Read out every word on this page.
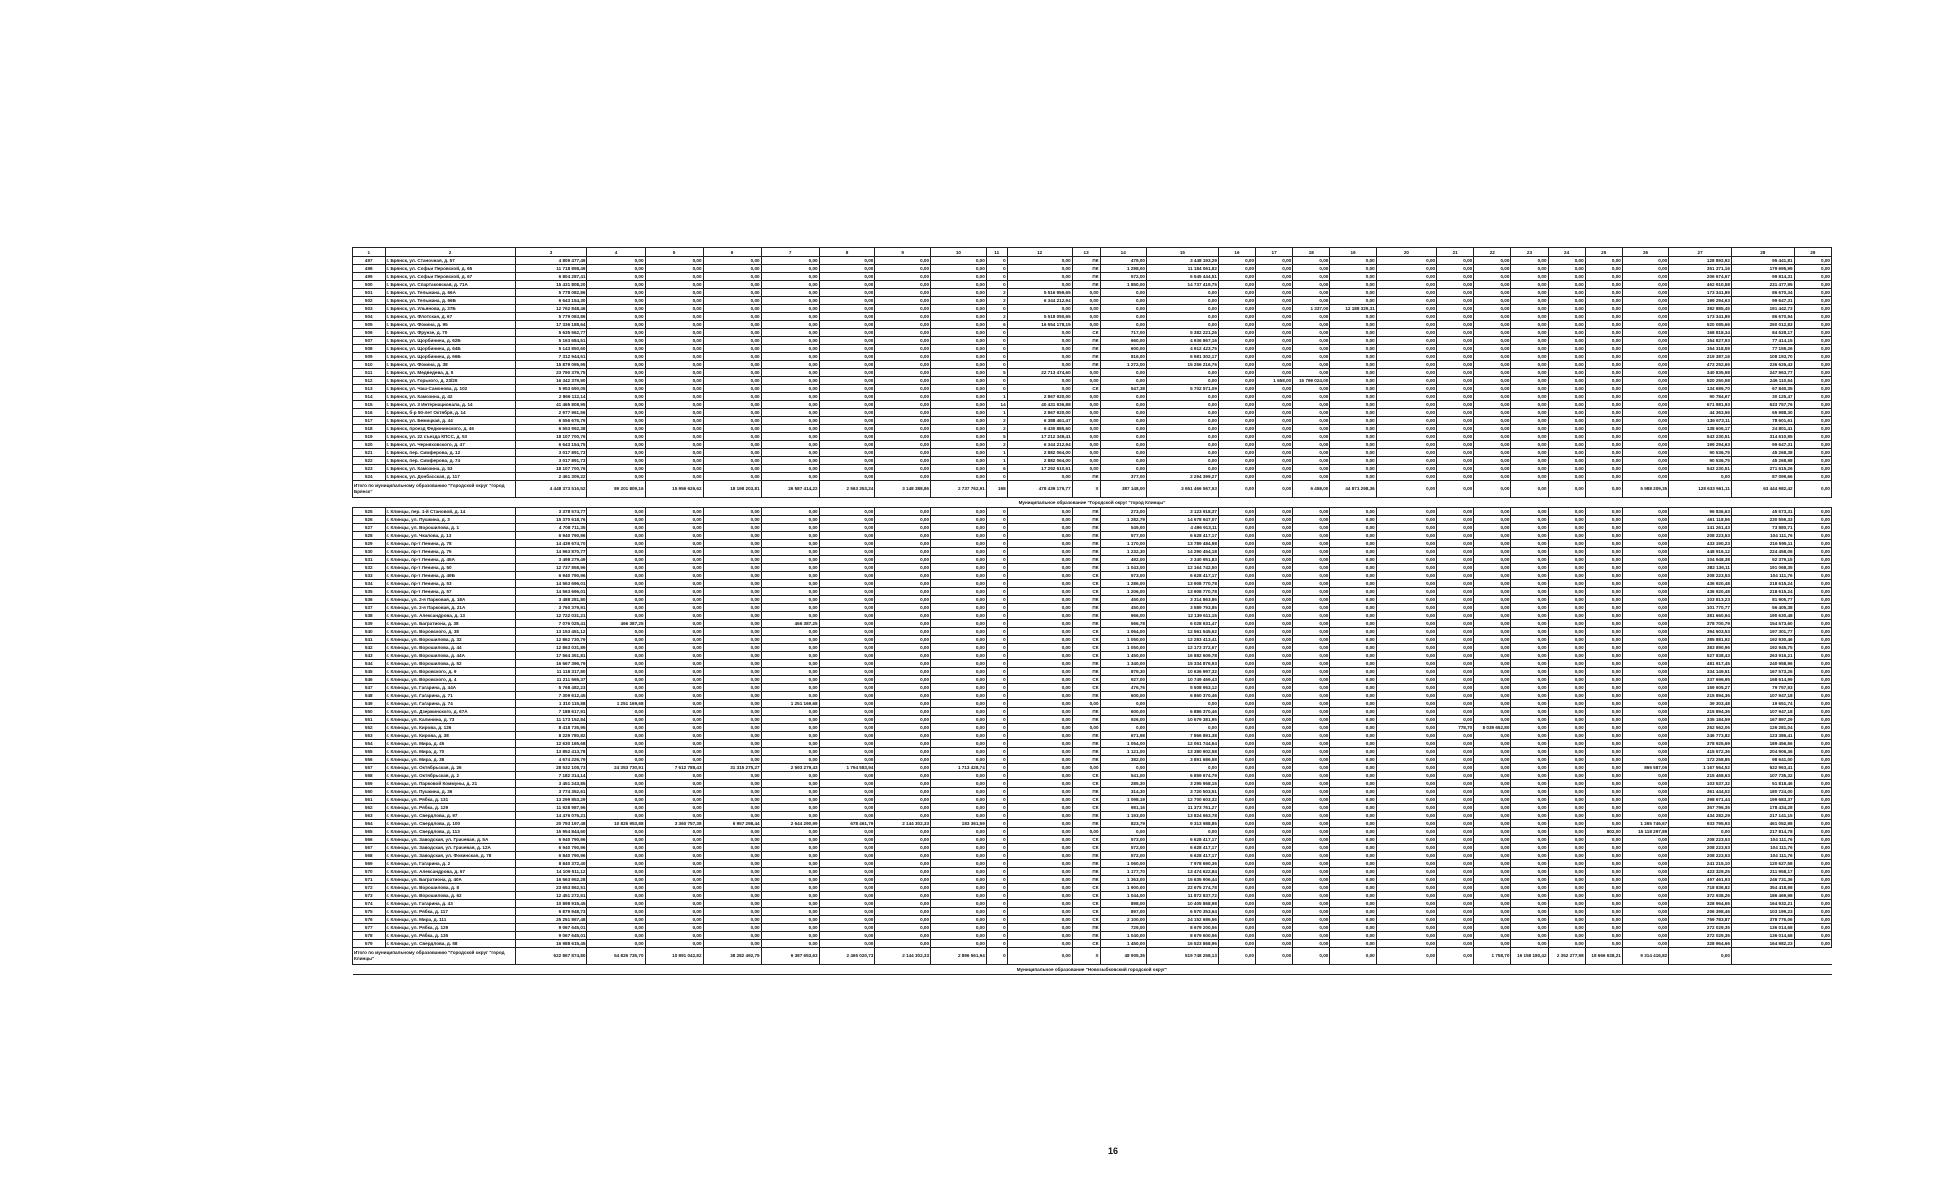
1	2	3	4	5	6	7	8	9	10	11	12	13	14	15	16	17	18	19	20	21	22	23	24	25	26	27	28	29
497	г. Брянск, ул. Станочная, д. 57	4 809 477,49	0,00	0,00	0,00	0,00	0,00	0,00	0,00	0	0,00	ПК	479,00	3 448 193,29	0,00	0,00	0,00	0,00	0,00	0,00	0,00	0,00	0,00	0,00	0,00	128 892,92	95 441,81	0,00
498	г. Брянск, ул. Софьи Перовской, д. 65	11 718 898,49	0,00	0,00	0,00	0,00	0,00	0,00	0,00	0	0,00	ПК	1 298,00	11 184 061,82	0,00	0,00	0,00	0,00	0,00	0,00	0,00	0,00	0,00	0,00	0,00	351 371,16	179 695,99	0,00
499	г. Брянск, ул. Софьи Перовской, д. 67	6 804 287,41	0,00	0,00	0,00	0,00	0,00	0,00	0,00	0	0,00	ПК	572,00	6 545 444,51	0,00	0,00	0,00	0,00	0,00	0,00	0,00	0,00	0,00	0,00	0,00	206 674,67	99 814,31	0,00
500	г. Брянск, ул. Спартаковская, д. 71А	15 431 808,20	0,00	0,00	0,00	0,00	0,00	0,00	0,00	0	0,00	ПК	1 850,00	14 737 419,75	0,00	0,00	0,00	0,00	0,00	0,00	0,00	0,00	0,00	0,00	0,00	462 910,58	231 477,95	0,00
501	г. Брянск, ул. Тельмана, д. 66А	5 778 082,86	0,00	0,00	0,00	0,00	0,00	0,00	0,00	2	5 516 959,65	0,00	0,00	0,00	0,00	0,00	0,00	0,00	0,00	0,00	0,00	0,00	0,00	0,00	0,00	173 341,89	86 670,34	0,00
502	г. Брянск, ул. Тельмана, д. 66Б	6 643 154,30	0,00	0,00	0,00	0,00	0,00	0,00	0,00	2	6 344 212,94	0,00	0,00	0,00	0,00	0,00	0,00	0,00	0,00	0,00	0,00	0,00	0,00	0,00	0,00	199 294,63	99 647,31	0,00
503	г. Брянск, ул. Ульянова, д. 37Б	12 762 848,46	0,00	0,00	0,00	0,00	0,00	0,00	0,00	0	0,00	0,00	0,00	0,00	0,00	0,00	1 337,00	12 188 329,31	0,00	0,00	0,00	0,00	0,00	0,00	0,00	382 885,45	191 442,73	0,00
504	г. Брянск, ул. Флотская, д. 67	5 779 083,86	0,00	0,00	0,00	0,00	0,00	0,00	0,00	2	5 518 050,65	0,00	0,00	0,00	0,00	0,00	0,00	0,00	0,00	0,00	0,00	0,00	0,00	0,00	0,00	173 341,89	86 670,94	0,00
505	г. Брянск, ул. Фокина, д. 95	17 336 188,64	0,00	0,00	0,00	0,00	0,00	0,00	0,00	6	16 554 178,15	0,00	0,00	0,00	0,00	0,00	0,00	0,00	0,00	0,00	0,00	0,00	0,00	0,00	0,00	520 085,66	260 012,83	0,00
506	г. Брянск, ул. Фрунзе, д. 70	5 635 562,77	0,00	0,00	0,00	0,00	0,00	0,00	0,00	0	0,00	СК	717,00	5 382 221,26	0,00	0,00	0,00	0,00	0,00	0,00	0,00	0,00	0,00	0,00	0,00	168 818,34	84 528,17	0,00
507	г. Брянск, ул. Щорбинина, д. 62Б	5 163 684,51	0,00	0,00	0,00	0,00	0,00	0,00	0,00	0	0,00	ПК	660,00	4 936 867,16	0,00	0,00	0,00	0,00	0,00	0,00	0,00	0,00	0,00	0,00	0,00	154 827,93	77 414,15	0,00
508	г. Брянск, ул. Щорбинина, д. 64Б	5 143 850,60	0,00	0,00	0,00	0,00	0,00	0,00	0,00	0	0,00	ПК	600,00	4 912 423,75	0,00	0,00	0,00	0,00	0,00	0,00	0,00	0,00	0,00	0,00	0,00	154 318,59	77 159,26	0,00
509	г. Брянск, ул. Щорбинина, д. 66Б	7 312 944,51	0,00	0,00	0,00	0,00	0,00	0,00	0,00	0	0,00	ПК	816,00	6 981 302,17	0,00	0,00	0,00	0,00	0,00	0,00	0,00	0,00	0,00	0,00	0,00	219 387,16	108 193,70	0,00
510	г. Брянск, ул. Фокина, д. 38	15 879 095,95	0,00	0,00	0,00	0,00	0,00	0,00	0,00	0	0,00	ПК	1 272,00	15 256 216,76	0,00	0,00	0,00	0,00	0,00	0,00	0,00	0,00	0,00	0,00	0,00	473 252,65	236 626,43	0,00
511	г. Брянск, ул. Медведева, д. 5	23 790 379,75	0,00	0,00	0,00	0,00	0,00	0,00	0,00	5	22 713 474,60	0,00	0,00	0,00	0,00	0,00	0,00	0,00	0,00	0,00	0,00	0,00	0,00	0,00	0,00	340 835,98	247 963,77	0,00
512	г. Брянск, ул. Горького, д. 23/26	16 342 379,90	0,00	0,00	0,00	0,00	0,00	0,00	0,00	0	0,00	0,00	0,00	0,00	0,00	1 658,00	15 798 024,00	0,00	0,00	0,00	0,00	0,00	0,00	0,00	0,00	520 250,58	246 110,64	0,00
513	г. Брянск, ул. Чаш-Самонова, д. 102	5 953 690,05	0,00	0,00	0,00	0,00	0,00	0,00	0,00	0	0,00	СК	547,38	5 702 571,09	0,00	0,00	0,00	0,00	0,00	0,00	0,00	0,00	0,00	0,00	0,00	134 689,70	67 840,35	0,00
514	г. Брянск, ул. Камозина, д. 42	2 866 112,14	0,00	0,00	0,00	0,00	0,00	0,00	0,00	1	2 867 920,00	0,00	0,00	0,00	0,00	0,00	0,00	0,00	0,00	0,00	0,00	0,00	0,00	0,00	0,00	90 784,67	30 125,47	0,00
515	г. Брянск, ул. 3 Интернационала, д. 14	41 465 808,95	0,00	0,00	0,00	0,00	0,00	0,00	0,00	14	40 431 936,88	0,00	0,00	0,00	0,00	0,00	0,00	0,00	0,00	0,00	0,00	0,00	0,00	0,00	0,00	671 981,93	633 757,76	0,00
516	г. Брянск, б-р 50-лет Октября, д. 14	2 977 961,56	0,00	0,00	0,00	0,00	0,00	0,00	0,00	1	2 867 920,00	0,00	0,00	0,00	0,00	0,00	0,00	0,00	0,00	0,00	0,00	0,00	0,00	0,00	0,00	44 363,56	65 988,30	0,00
517	г. Брянск, ул. Бежицкая, д. 44	6 556 676,79	0,00	0,00	0,00	0,00	0,00	0,00	0,00	2	6 388 461,47	0,00	0,00	0,00	0,00	0,00	0,00	0,00	0,00	0,00	0,00	0,00	0,00	0,00	0,00	136 673,11	78 601,61	0,00
518	г. Брянск, проезд Федюнинского, д. 46	6 553 992,38	0,00	0,00	0,00	0,00	0,00	0,00	0,00	2	6 430 885,60	0,00	0,00	0,00	0,00	0,00	0,00	0,00	0,00	0,00	0,00	0,00	0,00	0,00	0,00	138 606,17	24 801,41	0,00
519	г. Брянск, ул. 22 съезда КПСС, д. 53	18 107 700,76	0,00	0,00	0,00	0,00	0,00	0,00	0,00	5	17 212 349,41	0,00	0,00	0,00	0,00	0,00	0,00	0,00	0,00	0,00	0,00	0,00	0,00	0,00	0,00	543 230,51	314 610,95	0,00
520	г. Брянск, ул. Черняховского, д. 47	6 643 154,75	0,00	0,00	0,00	0,00	0,00	0,00	0,00	2	6 344 212,94	0,00	0,00	0,00	0,00	0,00	0,00	0,00	0,00	0,00	0,00	0,00	0,00	0,00	0,00	199 294,63	99 647,31	0,00
521	г. Брянск, пер. Симферова, д. 12	3 017 891,73	0,00	0,00	0,00	0,00	0,00	0,00	0,00	1	2 882 064,00	0,00	0,00	0,00	0,00	0,00	0,00	0,00	0,00	0,00	0,00	0,00	0,00	0,00	0,00	90 536,75	45 268,38	0,00
522	г. Брянск, пер. Симферова, д. 74	3 017 891,73	0,00	0,00	0,00	0,00	0,00	0,00	0,00	1	2 882 064,00	0,00	0,00	0,00	0,00	0,00	0,00	0,00	0,00	0,00	0,00	0,00	0,00	0,00	0,00	90 536,75	45 268,98	0,00
523	г. Брянск, ул. Камозина, д. 53	18 107 700,76	0,00	0,00	0,00	0,00	0,00	0,00	0,00	6	17 292 510,61	0,00	0,00	0,00	0,00	0,00	0,00	0,00	0,00	0,00	0,00	0,00	0,00	0,00	0,00	543 230,51	271 615,26	0,00
524	г. Брянск, ул. Донбасская, д. 117	2 461 309,22	0,00	0,00	0,00	0,00	0,00	0,00	0,00	0	0,00	ПК	377,00	2 294 399,27	0,00	0,00	0,00	0,00	0,00	0,00	0,00	0,00	0,00	0,00	0,00	0,00	87 099,66	0,00
Итого по муниципальному образованию "Городской округ "город Брянск"		4 448 373 516,52	89 201 809,16	15 956 626,62	18 198 203,81	26 587 414,22	2 563 353,24	3 148 388,86	2 737 762,91	198	478 439 179,77	Х	387 148,00	3 651 466 567,53	0,00	0,00	6 458,00	44 871 298,36	0,00	0,00	0,00	0,00	0,00	0,00	5 988 209,35	128 633 961,11	63 444 982,42	0,00
Муниципальное образование "Городской округ "город Клинцы"																												
525	г. Клинцы, пер. 1-й Становой, д. 14	3 378 574,77	0,00	0,00	0,00	0,00	0,00	0,00	0,00	0	0,00	ПК	273,00	3 123 918,37	0,00	0,00	0,00	0,00	0,00	0,00	0,00	0,00	0,00	0,00	0,00	96 836,63	45 573,31	0,00
526	г. Клинцы, ул. Пушкина, д. 3	15 370 618,76	0,00	0,00	0,00	0,00	0,00	0,00	0,00	0	0,00	ПК	1 282,79	14 678 947,07	0,00	0,00	0,00	0,00	0,00	0,00	0,00	0,00	0,00	0,00	0,00	461 118,56	230 559,33	0,00
527	г. Клинцы, ул. Ворошилова, д. 1	4 708 711,35	0,00	0,00	0,00	0,00	0,00	0,00	0,00	0	0,00	ПК	549,00	4 496 913,11	0,00	0,00	0,00	0,00	0,00	0,00	0,00	0,00	0,00	0,00	0,00	141 261,43	73 880,71	0,00
528	г. Клинцы, ул. Чкалова, д. 13	6 940 790,96	0,00	0,00	0,00	0,00	0,00	0,00	0,00	0	0,00	ПК	577,00	6 628 417,17	0,00	0,00	0,00	0,00	0,00	0,00	0,00	0,00	0,00	0,00	0,00	208 223,53	104 111,76	0,00
529	г. Клинцы, пр-т Ленина, д. 78	14 439 674,70	0,00	0,00	0,00	0,00	0,00	0,00	0,00	0	0,00	ПК	1 170,00	13 789 484,98	0,00	0,00	0,00	0,00	0,00	0,00	0,00	0,00	0,00	0,00	0,00	433 190,23	216 595,11	0,00
530	г. Клинцы, пр-т Ленина, д. 76	14 963 870,77	0,00	0,00	0,00	0,00	0,00	0,00	0,00	0	0,00	ПК	1 232,30	14 290 454,18	0,00	0,00	0,00	0,00	0,00	0,00	0,00	0,00	0,00	0,00	0,00	448 916,12	224 458,06	0,00
531	г. Клинцы, пр-т Ленина, д. 45А	3 498 279,49	0,00	0,00	0,00	0,00	0,00	0,00	0,00	0	0,00	ПК	492,00	3 340 951,83	0,00	0,00	0,00	0,00	0,00	0,00	0,00	0,00	0,00	0,00	0,00	104 948,38	52 379,15	0,00
532	г. Клинцы, пр-т Ленина, д. 50	12 737 858,96	0,00	0,00	0,00	0,00	0,00	0,00	0,00	0	0,00	ПК	1 043,00	12 164 742,50	0,00	0,00	0,00	0,00	0,00	0,00	0,00	0,00	0,00	0,00	0,00	382 136,11	191 068,35	0,00
533	г. Клинцы, пр-т Ленина, д. 49Б	6 940 790,96	0,00	0,00	0,00	0,00	0,00	0,00	0,00	0	0,00	СК	573,00	6 628 417,17	0,00	0,00	0,00	0,00	0,00	0,00	0,00	0,00	0,00	0,00	0,00	208 223,53	104 111,76	0,00
534	г. Клинцы, пр-т Ленина, д. 53	14 563 696,01	0,00	0,00	0,00	0,00	0,00	0,00	0,00	0	0,00	СК	1 286,00	13 908 770,78	0,00	0,00	0,00	0,00	0,00	0,00	0,00	0,00	0,00	0,00	0,00	436 920,48	218 615,24	0,00
535	г. Клинцы, пр-т Ленина, д. 57	14 563 696,01	0,00	0,00	0,00	0,00	0,00	0,00	0,00	0	0,00	СК	1 206,00	13 908 770,78	0,00	0,00	0,00	0,00	0,00	0,00	0,00	0,00	0,00	0,00	0,00	436 920,48	218 615,24	0,00
536	г. Клинцы, ул. 2-я Парковая, д. 18А	3 488 281,80	0,00	0,00	0,00	0,00	0,00	0,00	0,00	0	0,00	ПК	450,00	3 314 863,86	0,00	0,00	0,00	0,00	0,00	0,00	0,00	0,00	0,00	0,00	0,00	103 813,23	81 905,77	0,00
537	г. Клинцы, ул. 2-я Парковая, д. 21А	3 760 379,91	0,00	0,00	0,00	0,00	0,00	0,00	0,00	0	0,00	ПК	450,00	3 589 793,85	0,00	0,00	0,00	0,00	0,00	0,00	0,00	0,00	0,00	0,00	0,00	101 770,77	56 405,38	0,00
538	г. Клинцы, ул. Александрова, д. 13	12 722 031,21	0,00	0,00	0,00	0,00	0,00	0,00	0,00	0	0,00	ПК	966,00	12 139 611,15	0,00	0,00	0,00	0,00	0,00	0,00	0,00	0,00	0,00	0,00	0,00	381 660,94	190 630,48	0,00
539	г. Клинцы, ул. Багратиона, д. 38	7 076 025,41	466 387,25	0,00	0,00	466 387,25	0,00	0,00	0,00	0	0,00	ПК	566,78	6 028 931,47	0,00	0,00	0,00	0,00	0,00	0,00	0,00	0,00	0,00	0,00	0,00	378 700,79	154 573,60	0,00
540	г. Клинцы, ул. Воровского, д. 38	13 153 451,12	0,00	0,00	0,00	0,00	0,00	0,00	0,00	0	0,00	СК	1 064,00	12 561 545,62	0,00	0,00	0,00	0,00	0,00	0,00	0,00	0,00	0,00	0,00	0,00	394 603,53	197 301,77	0,00
541	г. Клинцы, ул. Ворошилова, д. 32	12 862 730,79	0,00	0,00	0,00	0,00	0,00	0,00	0,00	0	0,00	СК	1 050,00	12 283 413,41	0,00	0,00	0,00	0,00	0,00	0,00	0,00	0,00	0,00	0,00	0,00	385 881,92	192 930,46	0,00
542	г. Клинцы, ул. Ворошилова, д. 44	12 863 031,89	0,00	0,00	0,00	0,00	0,00	0,00	0,00	0	0,00	СК	1 050,00	12 173 372,67	0,00	0,00	0,00	0,00	0,00	0,00	0,00	0,00	0,00	0,00	0,00	383 890,96	192 945,75	0,00
543	г. Клинцы, ул. Ворошилова, д. 44А	17 564 351,81	0,00	0,00	0,00	0,00	0,00	0,00	0,00	0	0,00	СК	1 450,00	16 882 609,78	0,00	0,00	0,00	0,00	0,00	0,00	0,00	0,00	0,00	0,00	0,00	527 838,43	263 916,21	0,00
544	г. Клинцы, ул. Ворошилова, д. 52	16 667 396,79	0,00	0,00	0,00	0,00	0,00	0,00	0,00	0	0,00	ПК	1 340,00	15 334 876,93	0,00	0,00	0,00	0,00	0,00	0,00	0,00	0,00	0,00	0,00	0,00	481 917,45	240 958,96	0,00
545	г. Клинцы, ул. Воровского, д. 9	11 118 317,80	0,00	0,00	0,00	0,00	0,00	0,00	0,00	0	0,00	ПК	879,30	10 636 997,32	0,00	0,00	0,00	0,00	0,00	0,00	0,00	0,00	0,00	0,00	0,00	334 149,51	167 573,26	0,00
546	г. Клинцы, ул. Воровского, д. 4	11 211 565,37	0,00	0,00	0,00	0,00	0,00	0,00	0,00	0	0,00	СК	927,00	10 749 469,43	0,00	0,00	0,00	0,00	0,00	0,00	0,00	0,00	0,00	0,00	0,00	337 696,95	168 614,99	0,00
547	г. Клинцы, ул. Гагарина, д. 44А	5 768 482,23	0,00	0,00	0,00	0,00	0,00	0,00	0,00	0	0,00	СК	476,76	5 508 953,12	0,00	0,00	0,00	0,00	0,00	0,00	0,00	0,00	0,00	0,00	0,00	159 605,27	79 757,93	0,00
548	г. Клинцы, ул. Гагарина, д. 71	7 309 612,45	0,00	0,00	0,00	0,00	0,00	0,00	0,00	0	0,00	ПК	600,00	6 860 370,46	0,00	0,00	0,00	0,00	0,00	0,00	0,00	0,00	0,00	0,00	0,00	215 894,36	107 947,18	0,00
549	г. Клинцы, ул. Гагарина, д. 74	1 310 115,88	1 251 169,68	0,00	0,00	1 251 169,68	0,00	0,00	0,00	0	0,00	0,00	0,00	0,00	0,00	0,00	0,00	0,00	0,00	0,00	0,00	0,00	0,00	0,00	0,00	39 303,48	19 651,74	0,00
550	г. Клинцы, ул. Дзержинского, д. 67А	7 188 617,91	0,00	0,00	0,00	0,00	0,00	0,00	0,00	0	0,00	ПК	600,00	6 886 370,46	0,00	0,00	0,00	0,00	0,00	0,00	0,00	0,00	0,00	0,00	0,00	215 894,36	107 947,18	0,00
551	г. Клинцы, ул. Калинина, д. 73	11 173 152,84	0,00	0,00	0,00	0,00	0,00	0,00	0,00	0	0,00	ПК	926,00	10 679 381,95	0,00	0,00	0,00	0,00	0,00	0,00	0,00	0,00	0,00	0,00	0,00	335 184,59	167 897,29	0,00
552	г. Клинцы, ул. Кирова, д. 126	8 418 735,95	0,00	0,00	0,00	0,00	0,00	0,00	0,00	0	0,00	0,00	0,00	0,00	0,00	0,00	0,00	0,00	0,00	778,70	8 039 652,80	0,00	0,00	0,00	0,00	252 562,06	126 281,04	0,00
553	г. Клинцы, ул. Кирова, д. 38	8 229 780,82	0,00	0,00	0,00	0,00	0,00	0,00	0,00	0	0,00	ПК	671,98	7 866 891,38	0,00	0,00	0,00	0,00	0,00	0,00	0,00	0,00	0,00	0,00	0,00	246 773,82	123 386,41	0,00
554	г. Клинцы, ул. Мира, д. 45	12 630 165,68	0,00	0,00	0,00	0,00	0,00	0,00	0,00	0	0,00	ПК	1 054,00	12 061 744,64	0,00	0,00	0,00	0,00	0,00	0,00	0,00	0,00	0,00	0,00	0,00	378 925,69	189 456,56	0,00
555	г. Клинцы, ул. Мира, д. 70	13 852 413,78	0,00	0,00	0,00	0,00	0,00	0,00	0,00	0	0,00	ПК	1 121,00	13 380 902,58	0,00	0,00	0,00	0,00	0,00	0,00	0,00	0,00	0,00	0,00	0,00	415 572,36	204 906,36	0,00
556	г. Клинцы, ул. Мира, д. 38	4 674 226,79	0,00	0,00	0,00	0,00	0,00	0,00	0,00	0	0,00	ПК	382,00	3 891 686,58	0,00	0,00	0,00	0,00	0,00	0,00	0,00	0,00	0,00	0,00	0,00	172 258,85	98 641,00	0,00
557	г. Клинцы, ул. Октябрьская, д. 26	28 532 108,73	24 353 730,91	7 612 788,43	31 315 275,27	2 593 279,43	1 794 583,94	0,00	1 713 428,74	0	0,00	0,00	0,00	0,00	0,00	0,00	0,00	0,00	0,00	0,00	0,00	0,00	0,00	0,00	866 587,06	1 167 564,52	622 963,41	0,00
558	г. Клинцы, ул. Октябрьская, д. 2	7 182 314,14	0,00	0,00	0,00	0,00	0,00	0,00	0,00	0	0,00	СК	541,00	6 859 674,79	0,00	0,00	0,00	0,00	0,00	0,00	0,00	0,00	0,00	0,00	0,00	215 468,63	107 735,32	0,00
559	г. Клинцы, ул. Парковой Коммуны, д. 21	3 451 243,85	0,00	0,00	0,00	0,00	0,00	0,00	0,00	0	0,00	СК	285,30	3 295 958,15	0,00	0,00	0,00	0,00	0,00	0,00	0,00	0,00	0,00	0,00	0,00	103 537,32	51 818,46	0,00
560	г. Клинцы, ул. Пушкина, д. 36	3 774 352,61	0,00	0,00	0,00	0,00	0,00	0,00	0,00	0	0,00	ПК	314,30	3 720 503,51	0,00	0,00	0,00	0,00	0,00	0,00	0,00	0,00	0,00	0,00	0,00	361 444,02	180 724,00	0,00
561	г. Клинцы, ул. Рябка, д. 131	13 299 853,29	0,00	0,00	0,00	0,00	0,00	0,00	0,00	0	0,00	СК	1 098,19	12 700 603,32	0,00	0,00	0,00	0,00	0,00	0,00	0,00	0,00	0,00	0,00	0,00	398 671,44	199 683,37	0,00
562	г. Клинцы, ул. Рябка, д. 129	11 928 987,96	0,00	0,00	0,00	0,00	0,00	0,00	0,00	0	0,00	СК	981,16	11 373 761,27	0,00	0,00	0,00	0,00	0,00	0,00	0,00	0,00	0,00	0,00	0,00	357 796,35	178 434,28	0,00
563	г. Клинцы, ул. Свердлова, д. 97	14 476 076,21	0,00	0,00	0,00	0,00	0,00	0,00	0,00	0	0,00	ПК	1 193,00	13 824 663,78	0,00	0,00	0,00	0,00	0,00	0,00	0,00	0,00	0,00	0,00	0,00	434 282,29	217 141,15	0,00
564	г. Клинцы, ул. Свердлова, д. 100	20 793 197,48	10 825 953,88	3 360 757,38	6 957 298,44	2 644 290,99	678 461,79	2 144 302,33	183 361,59	0	0,00	ПК	823,79	9 313 988,85	0,00	0,00	0,00	0,00	0,00	0,00	0,00	0,00	0,00	0,00	1 265 746,67	933 795,93	461 052,98	0,00
565	г. Клинцы, ул. Свердлова, д. 113	15 954 844,60	0,00	0,00	0,00	0,00	0,00	0,00	0,00	0	0,00	0,00	0,00	0,00	0,00	0,00	0,00	0,00	0,00	0,00	0,00	0,00	0,00	802,00	15 118 297,89	0,00	217 814,78	0,00
566	г. Клинцы, ул. Заводская, ул. Грачевая, д. 5А	6 940 790,96	0,00	0,00	0,00	0,00	0,00	0,00	0,00	0	0,00	СК	573,00	6 628 417,17	0,00	0,00	0,00	0,00	0,00	0,00	0,00	0,00	0,00	0,00	0,00	208 223,53	104 111,76	0,00
567	г. Клинцы, ул. Заводская, ул. Грачевая, д. 12А	6 940 790,96	0,00	0,00	0,00	0,00	0,00	0,00	0,00	0	0,00	СК	572,00	6 628 417,17	0,00	0,00	0,00	0,00	0,00	0,00	0,00	0,00	0,00	0,00	0,00	208 223,53	104 111,76	0,00
568	г. Клинцы, ул. Заводская, ул. Фокинская, д. 78	6 840 790,96	0,00	0,00	0,00	0,00	0,00	0,00	0,00	0	0,00	ПК	572,00	6 628 417,17	0,00	0,00	0,00	0,00	0,00	0,00	0,00	0,00	0,00	0,00	0,00	208 223,53	104 111,76	0,00
569	г. Клинцы, ул. Гагарина, д. 2	8 840 372,40	0,00	0,00	0,00	0,00	0,00	0,00	0,00	0	0,00	ПК	1 060,00	7 978 690,36	0,00	0,00	0,00	0,00	0,00	0,00	0,00	0,00	0,00	0,00	0,00	241 215,10	120 627,58	0,00
570	г. Клинцы, ул. Александрова, д. 67	14 109 511,12	0,00	0,00	0,00	0,00	0,00	0,00	0,00	0	0,00	ПК	1 177,70	13 474 622,84	0,00	0,00	0,00	0,00	0,00	0,00	0,00	0,00	0,00	0,00	0,00	423 329,25	211 958,17	0,00
571	г. Клинцы, ул. Багратиона, д. 40А	16 563 952,28	0,00	0,00	0,00	0,00	0,00	0,00	0,00	0	0,00	ПК	1 363,00	15 635 906,44	0,00	0,00	0,00	0,00	0,00	0,00	0,00	0,00	0,00	0,00	0,00	497 461,93	246 731,36	0,00
572	г. Клинцы, ул. Ворошилова, д. 8	23 653 862,51	0,00	0,00	0,00	0,00	0,00	0,00	0,00	0	0,00	СК	1 900,00	22 675 274,78	0,00	0,00	0,00	0,00	0,00	0,00	0,00	0,00	0,00	0,00	0,00	718 836,82	354 418,98	0,00
573	г. Клинцы, ул. Ворошилова, д. 62	12 451 272,51	0,00	0,00	0,00	0,00	0,00	0,00	0,00	0	0,00	СК	1 044,00	11 872 837,72	0,00	0,00	0,00	0,00	0,00	0,00	0,00	0,00	0,00	0,00	0,00	372 938,26	186 469,98	0,00
574	г. Клинцы, ул. Гагарина, д. 43	10 898 915,45	0,00	0,00	0,00	0,00	0,00	0,00	0,00	0	0,00	СК	898,00	10 405 868,98	0,00	0,00	0,00	0,00	0,00	0,00	0,00	0,00	0,00	0,00	0,00	328 964,65	164 932,21	0,00
575	г. Клинцы, ул. Рябка, д. 117	6 879 948,73	0,00	0,00	0,00	0,00	0,00	0,00	0,00	0	0,00	СК	897,00	6 570 353,64	0,00	0,00	0,00	0,00	0,00	0,00	0,00	0,00	0,00	0,00	0,00	206 398,46	103 199,23	0,00
576	г. Клинцы, ул. Мира, д. 111	25 251 867,48	0,00	0,00	0,00	0,00	0,00	0,00	0,00	0	0,00	СК	2 100,00	24 152 686,56	0,00	0,00	0,00	0,00	0,00	0,00	0,00	0,00	0,00	0,00	0,00	759 783,87	378 776,06	0,00
577	г. Клинцы, ул. Рябка, д. 129	9 067 645,01	0,00	0,00	0,00	0,00	0,00	0,00	0,00	0	0,00	ПК	729,00	8 679 200,56	0,00	0,00	0,00	0,00	0,00	0,00	0,00	0,00	0,00	0,00	0,00	272 029,35	136 014,68	0,00
578	г. Клинцы, ул. Рябка, д. 135	9 067 645,01	0,00	0,00	0,00	0,00	0,00	0,00	0,00	0	0,00	ПК	1 040,00	8 679 600,56	0,00	0,00	0,00	0,00	0,00	0,00	0,00	0,00	0,00	0,00	0,00	272 029,35	136 014,68	0,00
579	г. Клинцы, ул. Свердлова, д. 58	16 988 615,45	0,00	0,00	0,00	0,00	0,00	0,00	0,00	0	0,00	СК	1 450,00	16 523 868,96	0,00	0,00	0,00	0,00	0,00	0,00	0,00	0,00	0,00	0,00	0,00	328 964,66	164 982,23	0,00
Итого по муниципальному образованию "Городской округ "город Клинцы"		622 867 874,80	54 826 735,70	10 891 042,82	38 282 492,75	6 387 653,63	2 465 020,73	2 144 302,33	2 896 561,94	0	0,00	Х	48 905,35	519 748 258,13	0,00	0,00	0,00	0,00	0,00	0,00	1 758,70	16 158 180,42	2 352 277,98	18 666 638,21	9 314 416,82	0,00		
Муниципальное образование "Новозыбковский городской округ"																												
16
